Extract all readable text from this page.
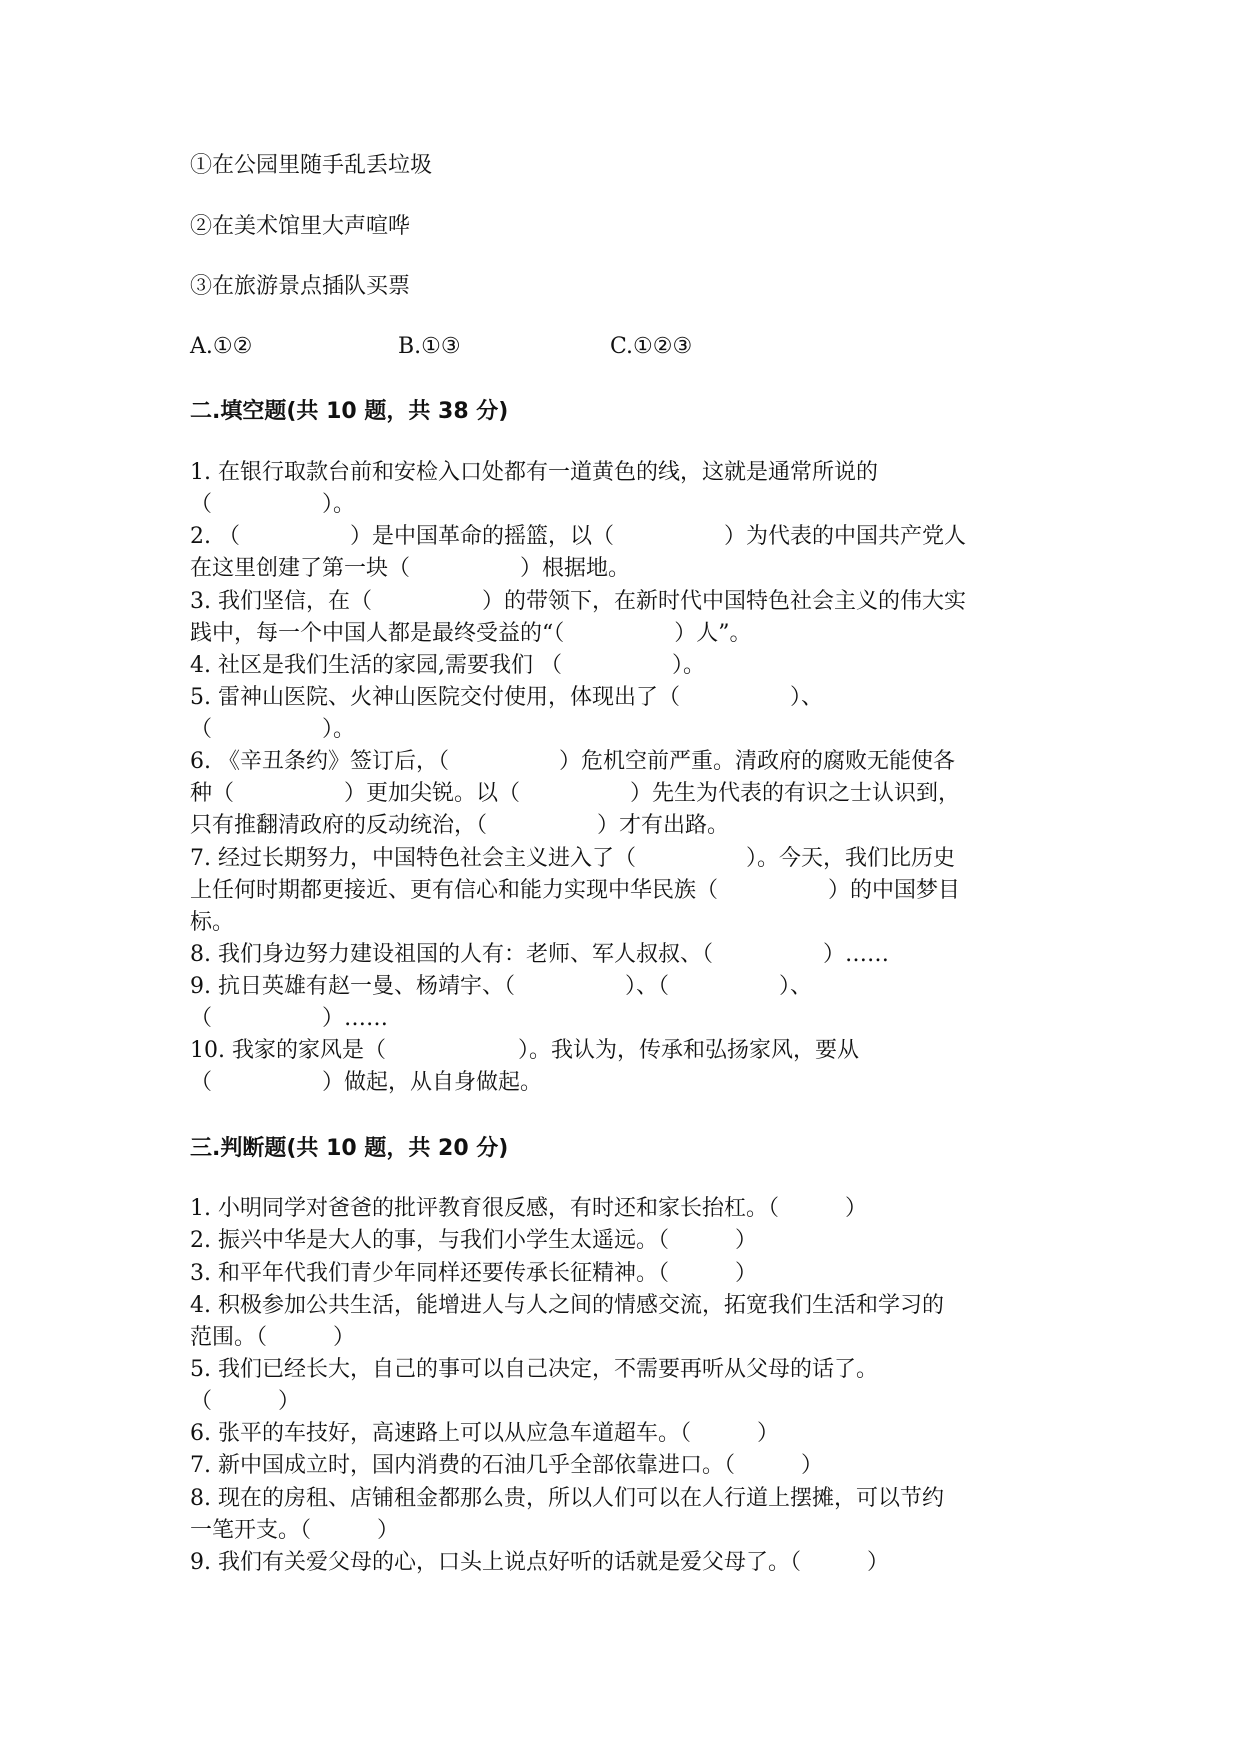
①在公园里随手乱丢垃圾
②在美术馆里大声喧哗
③在旅游景点插队买票
A.①②	B.①③	C.①②③
二.填空题(共 10 题，共 38 分)
1. 在银行取款台前和安检入口处都有一道黄色的线，这就是通常所说的
（　　　　　）。
2. （　　　　　）是中国革命的摇篮，以（　　　　　）为代表的中国共产党人
在这里创建了第一块（　　　　　）根据地。
3. 我们坚信，在（　　　　　）的带领下，在新时代中国特色社会主义的伟大实
践中，每一个中国人都是最终受益的“（　　　　　）人”。
4. 社区是我们生活的家园,需要我们 （　　　　　）。
5. 雷神山医院、火神山医院交付使用，体现出了（　　　　　）、
（　　　　　）。
6. 《辛丑条约》签订后，（　　　　　）危机空前严重。清政府的腐败无能使各
种（　　　　　）更加尖锐。以（　　　　　）先生为代表的有识之士认识到，
只有推翻清政府的反动统治，（　　　　　）才有出路。
7. 经过长期努力，中国特色社会主义进入了（　　　　　）。今天，我们比历史
上任何时期都更接近、更有信心和能力实现中华民族（　　　　　）的中国梦目
标。
8. 我们身边努力建设祖国的人有：老师、军人叔叔、（　　　　　）……
9. 抗日英雄有赵一曼、杨靖宇、（　　　　　）、（　　　　　）、
（　　　　　）……
10. 我家的家风是（　　　　　　）。我认为，传承和弘扬家风，要从
（　　　　　）做起，从自身做起。
三.判断题(共 10 题，共 20 分)
1. 小明同学对爸爸的批评教育很反感，有时还和家长抬杠。（　　　）
2. 振兴中华是大人的事，与我们小学生太遥远。（　　　）
3. 和平年代我们青少年同样还要传承长征精神。（　　　）
4. 积极参加公共生活，能增进人与人之间的情感交流，拓宽我们生活和学习的
范围。（　　　）
5. 我们已经长大，自己的事可以自己决定，不需要再听从父母的话了。
（　　　）
6. 张平的车技好，高速路上可以从应急车道超车。（　　　）
7. 新中国成立时，国内消费的石油几乎全部依靠进口。（　　　）
8. 现在的房租、店铺租金都那么贵，所以人们可以在人行道上摆摊，可以节约
一笔开支。（　　　）
9. 我们有关爱父母的心，口头上说点好听的话就是爱父母了。（　　　）
